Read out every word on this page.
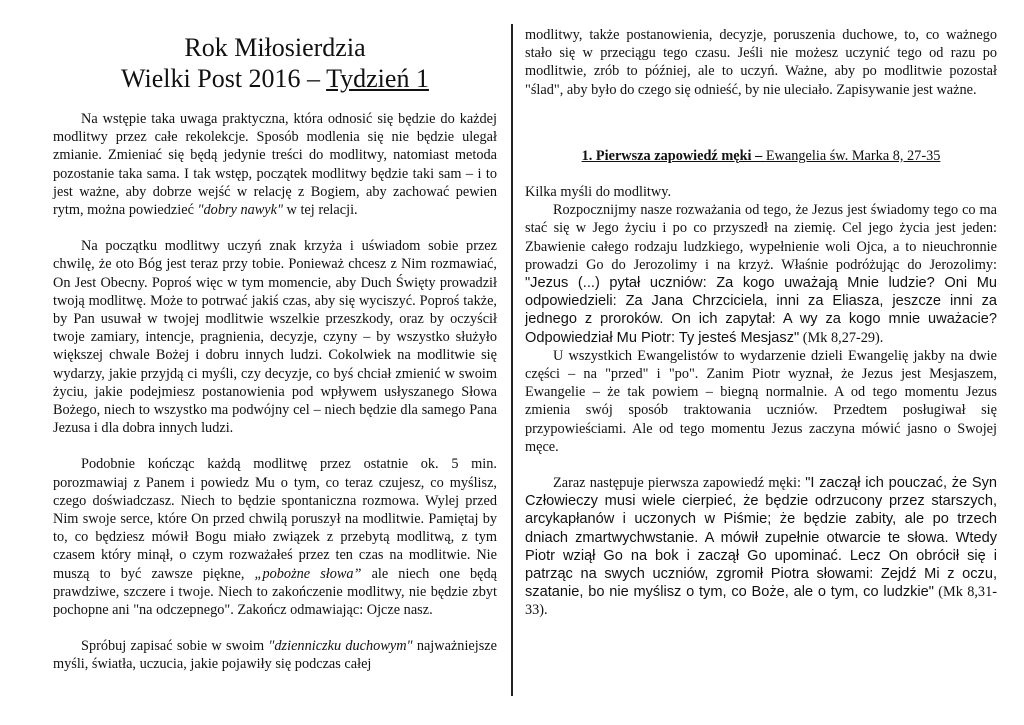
Rok Miłosierdzia
Wielki Post 2016 – Tydzień 1

Na wstępie taka uwaga praktyczna, która odnosić się będzie do każdej modlitwy przez całe rekolekcje. Sposób modlenia się nie będzie ulegał zmianie. Zmieniać się będą jedynie treści do modlitwy, natomiast metoda pozostanie taka sama. I tak wstęp, początek modlitwy będzie taki sam – i to jest ważne, aby dobrze wejść w relację z Bogiem, aby zachować pewien rytm, można powiedzieć "dobry nawyk" w tej relacji.

Na początku modlitwy uczyń znak krzyża i uświadom sobie przez chwilę, że oto Bóg jest teraz przy tobie. Ponieważ chcesz z Nim rozmawiać, On Jest Obecny. Poproś więc w tym momencie, aby Duch Święty prowadził twoją modlitwę. Może to potrwać jakiś czas, aby się wyciszyć. Poproś także, by Pan usuwał w twojej modlitwie wszelkie przeszkody, oraz by oczyścił twoje zamiary, intencje, pragnienia, decyzje, czyny – by wszystko służyło większej chwale Bożej i dobru innych ludzi. Cokolwiek na modlitwie się wydarzy, jakie przyjdą ci myśli, czy decyzje, co byś chciał zmienić w swoim życiu, jakie podejmiesz postanowienia pod wpływem usłyszanego Słowa Bożego, niech to wszystko ma podwójny cel – niech będzie dla samego Pana Jezusa i dla dobra innych ludzi.

Podobnie kończąc każdą modlitwę przez ostatnie ok. 5 min. porozmawiaj z Panem i powiedz Mu o tym, co teraz czujesz, co myślisz, czego doświadczasz. Niech to będzie spontaniczna rozmowa. Wylej przed Nim swoje serce, które On przed chwilą poruszył na modlitwie. Pamiętaj by to, co będziesz mówił Bogu miało związek z przebytą modlitwą, z tym czasem który minął, o czym rozważałeś przez ten czas na modlitwie. Nie muszą to być zawsze piękne, „pobożne słowa” ale niech one będą prawdziwe, szczere i twoje. Niech to zakończenie modlitwy, nie będzie zbyt pochopne ani "na odczepnego". Zakończ odmawiając: Ojcze nasz.

Spróbuj zapisać sobie w swoim "dzienniczku duchowym" najważniejsze myśli, światła, uczucia, jakie pojawiły się podczas całej

modlitwy, także postanowienia, decyzje, poruszenia duchowe, to, co ważnego stało się w przeciągu tego czasu. Jeśli nie możesz uczynić tego od razu po modlitwie, zrób to później, ale to uczyń. Ważne, aby po modlitwie pozostał "ślad", aby było do czego się odnieść, by nie uleciało. Zapisywanie jest ważne.

1. Pierwsza zapowiedź męki – Ewangelia św. Marka 8, 27-35

Kilka myśli do modlitwy.

Rozpocznijmy nasze rozważania od tego, że Jezus jest świadomy tego co ma stać się w Jego życiu i po co przyszedł na ziemię. Cel jego życia jest jeden: Zbawienie całego rodzaju ludzkiego, wypełnienie woli Ojca, a to nieuchronnie prowadzi Go do Jerozolimy i na krzyż. Właśnie podróżując do Jerozolimy: "Jezus (...) pytał uczniów: Za kogo uważają Mnie ludzie? Oni Mu odpowiedzieli: Za Jana Chrzciciela, inni za Eliasza, jeszcze inni za jednego z proroków. On ich zapytał: A wy za kogo mnie uważacie? Odpowiedział Mu Piotr: Ty jesteś Mesjasz" (Mk 8,27-29).

U wszystkich Ewangelistów to wydarzenie dzieli Ewangelię jakby na dwie części – na "przed" i "po". Zanim Piotr wyznał, że Jezus jest Mesjaszem, Ewangelie – że tak powiem – biegną normalnie. A od tego momentu Jezus zmienia swój sposób traktowania uczniów. Przedtem posługiwał się przypowieściami. Ale od tego momentu Jezus zaczyna mówić jasno o Swojej męce.

Zaraz następuje pierwsza zapowiedź męki: "I zaczął ich pouczać, że Syn Człowieczy musi wiele cierpieć, że będzie odrzucony przez starszych, arcykapłanów i uczonych w Piśmie; że będzie zabity, ale po trzech dniach zmartwychwstanie. A mówił zupełnie otwarcie te słowa. Wtedy Piotr wziął Go na bok i zaczął Go upominać. Lecz On obrócił się i patrząc na swych uczniów, zgromił Piotra słowami: Zejdź Mi z oczu, szatanie, bo nie myślisz o tym, co Boże, ale o tym, co ludzkie" (Mk 8,31-33).
